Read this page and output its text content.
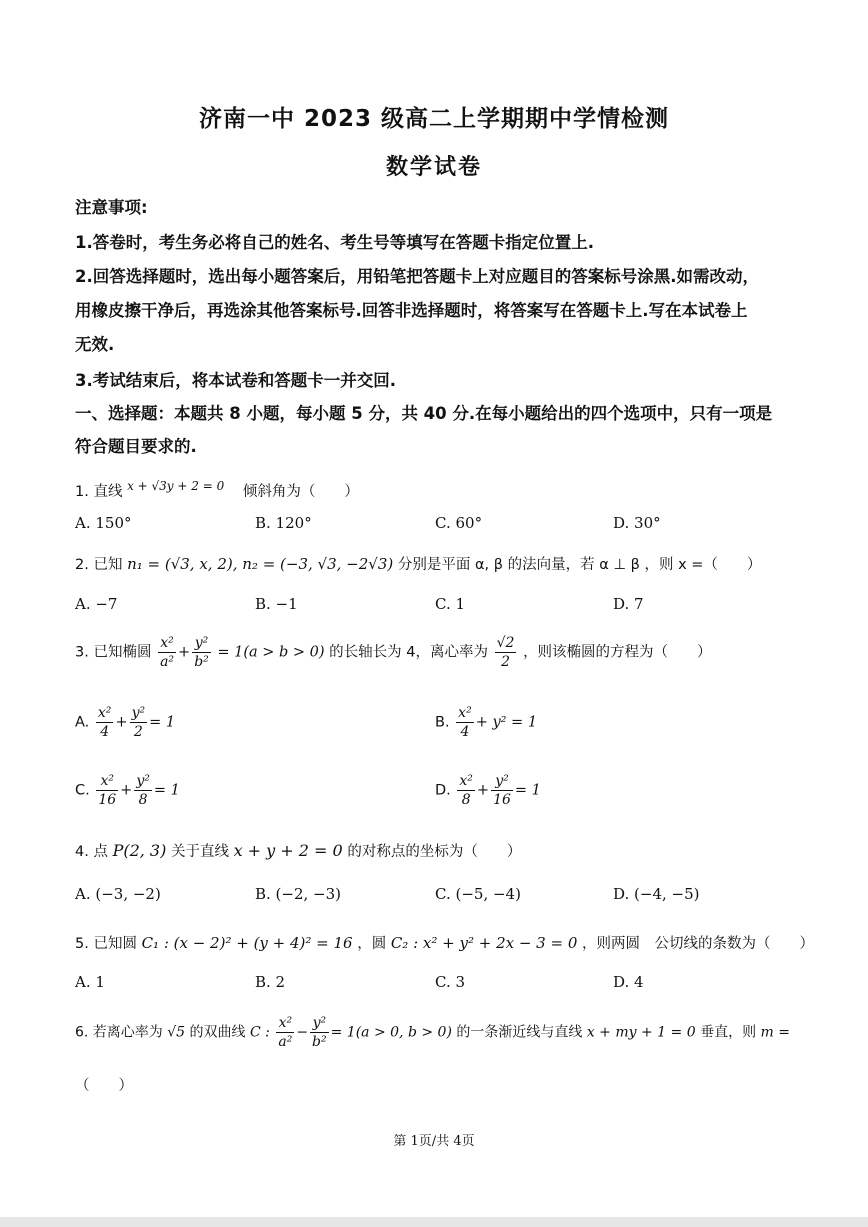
济南一中 2023 级高二上学期期中学情检测
数学试卷
注意事项:
1.答卷时，考生务必将自己的姓名、考生号等填写在答题卡指定位置上.
2.回答选择题时，选出每小题答案后，用铅笔把答题卡上对应题目的答案标号涂黑.如需改动，
用橡皮擦干净后，再选涂其他答案标号.回答非选择题时，将答案写在答题卡上.写在本试卷上
无效.
3.考试结束后，将本试卷和答题卡一并交回.
一、选择题：本题共 8 小题，每小题 5 分，共 40 分.在每小题给出的四个选项中，只有一项是
符合题目要求的.
1. 直线 $^{x + √3y + 2 = 0}$ 倾斜角为（　　）
A. 150°	B. 120°	C. 60°	D. 30°
2. 已知 n₁ = (√3, x, 2), n₂ = (−3, √3, −2√3) 分别是平面 α, β 的法向量，若 α ⊥ β ，则 x =（　　）
A. −7	B. −1	C. 1	D. 7
3. 已知椭圆 $\frac{\text{x²}}{\text{a²}} + \frac{\text{y²}}{\text{b²}} = 1(a > b > 0)$ 的长轴长为 4，离心率为 $\frac{√2}{2}$ ，则该椭圆的方程为（　　）
A. $\frac{\text{x²}}{4} + \frac{\text{y²}}{2} = 1$	B. $\frac{\text{x²}}{4} + y^2 = 1$
C. $\frac{\text{x²}}{16} + \frac{\text{y²}}{8} = 1$	D. $\frac{\text{x²}}{8} + \frac{\text{y²}}{16} = 1$
4. 点 P(2, 3) 关于直线 x + y + 2 = 0 的对称点的坐标为（　　）
A. (−3, −2)	B. (−2, −3)	C. (−5, −4)	D. (−4, −5)
5. 已知圆 C₁ : (x − 2)² + (y + 4)² = 16 ，圆 C₂ : x² + y² + 2x − 3 = 0 ，则两圆　公切线的条数为（　　）
A. 1	B. 2	C. 3	D. 4
6. 若离心率为 √5 的双曲线 C : $\frac{\text{x²}}{\text{a²}} - \frac{\text{y²}}{\text{b²}} = 1(a > 0$, b > 0) 的一条渐近线与直线 x + my + 1 = 0 垂直，则 m =
（　　）
第 1页/共 4页
